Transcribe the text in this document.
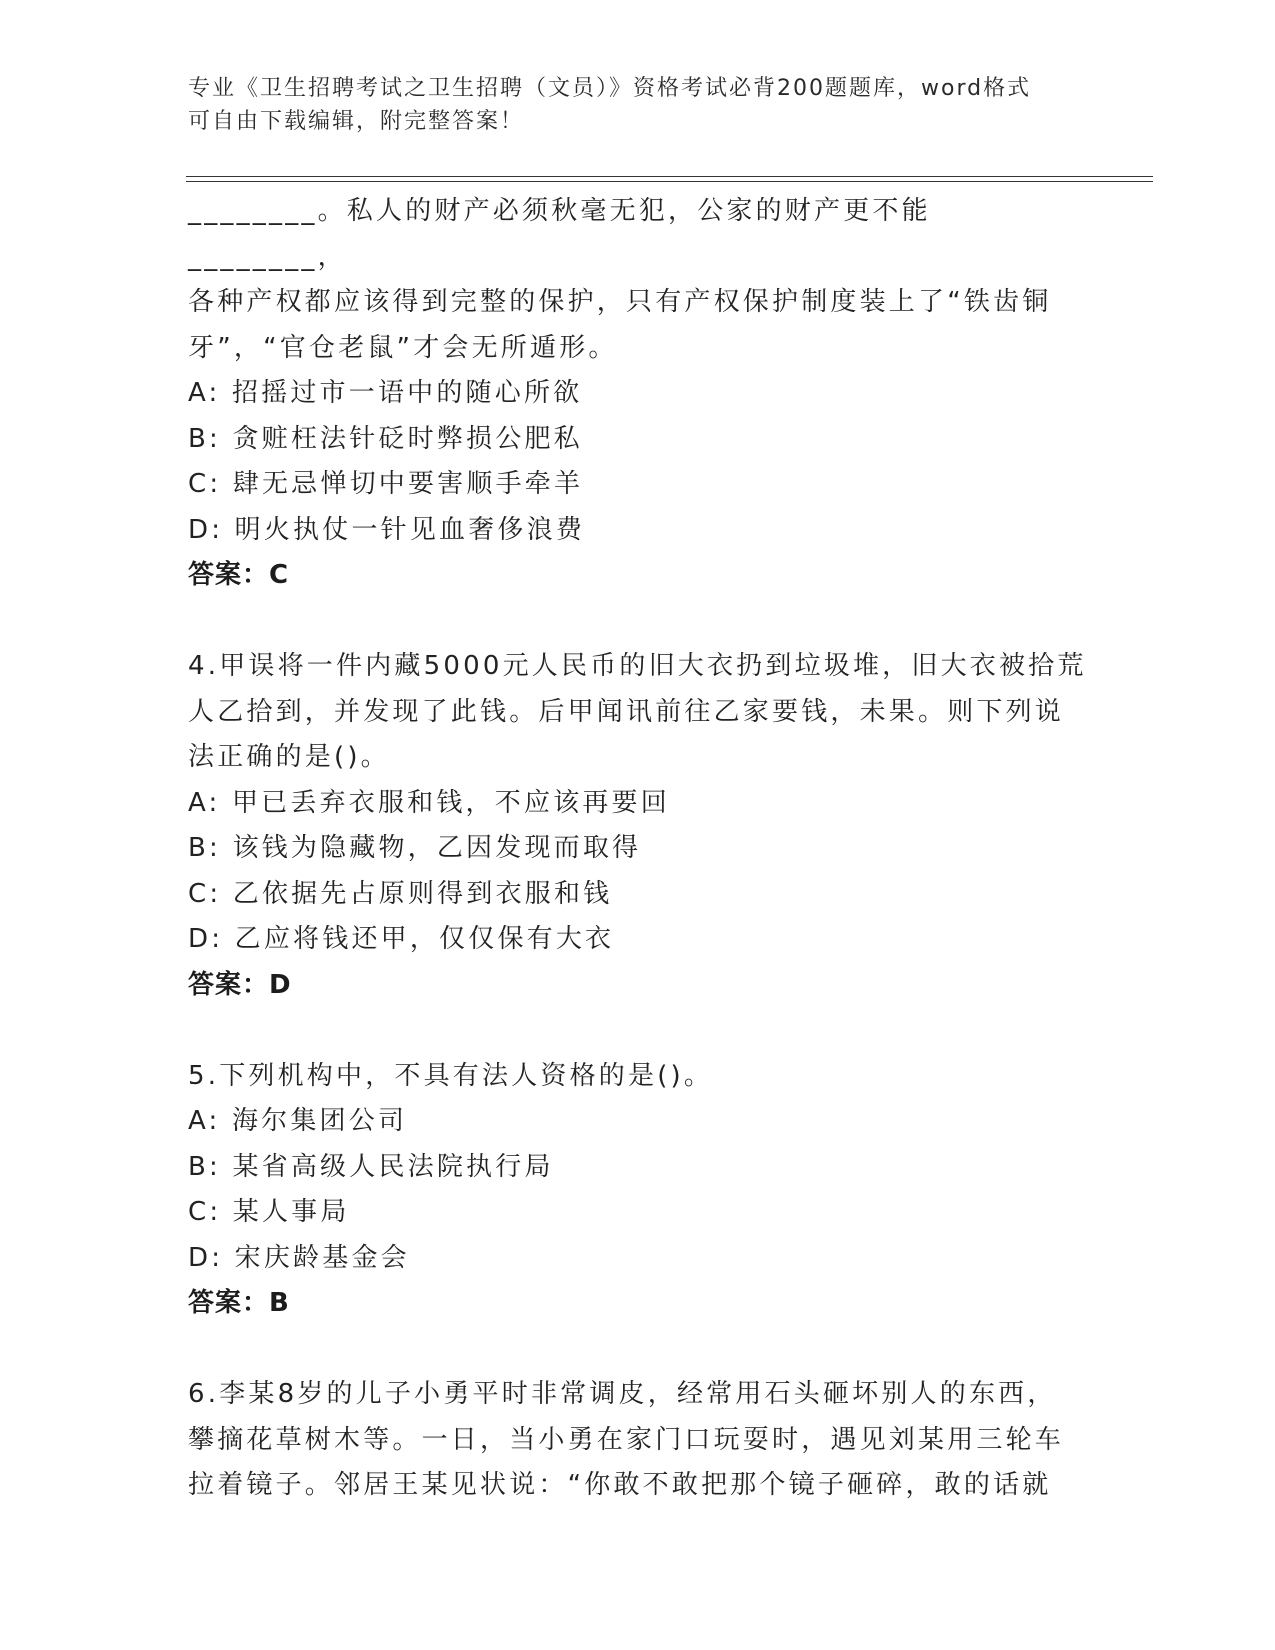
专业《卫生招聘考试之卫生招聘（文员）》资格考试必背200题题库，word格式

可自由下载编辑，附完整答案！

________。私人的财产必须秋毫无犯，公家的财产更不能________，

各种产权都应该得到完整的保护，只有产权保护制度装上了“铁齿铜

牙”，“官仓老鼠”才会无所遁形。

A: 招摇过市一语中的随心所欲

B: 贪赃枉法针砭时弊损公肥私

C: 肆无忌惮切中要害顺手牵羊

D: 明火执仗一针见血奢侈浪费

答案：C

4.甲误将一件内藏5000元人民币的旧大衣扔到垃圾堆，旧大衣被拾荒

人乙拾到，并发现了此钱。后甲闻讯前往乙家要钱，未果。则下列说

法正确的是()。

A: 甲已丢弃衣服和钱，不应该再要回

B: 该钱为隐藏物，乙因发现而取得

C: 乙依据先占原则得到衣服和钱

D: 乙应将钱还甲，仅仅保有大衣

答案：D

5.下列机构中，不具有法人资格的是()。

A: 海尔集团公司

B: 某省高级人民法院执行局

C: 某人事局

D: 宋庆龄基金会

答案：B

6.李某8岁的儿子小勇平时非常调皮，经常用石头砸坏别人的东西，

攀摘花草树木等。一日，当小勇在家门口玩耍时，遇见刘某用三轮车

拉着镜子。邻居王某见状说：“你敢不敢把那个镜子砸碎，敢的话就
